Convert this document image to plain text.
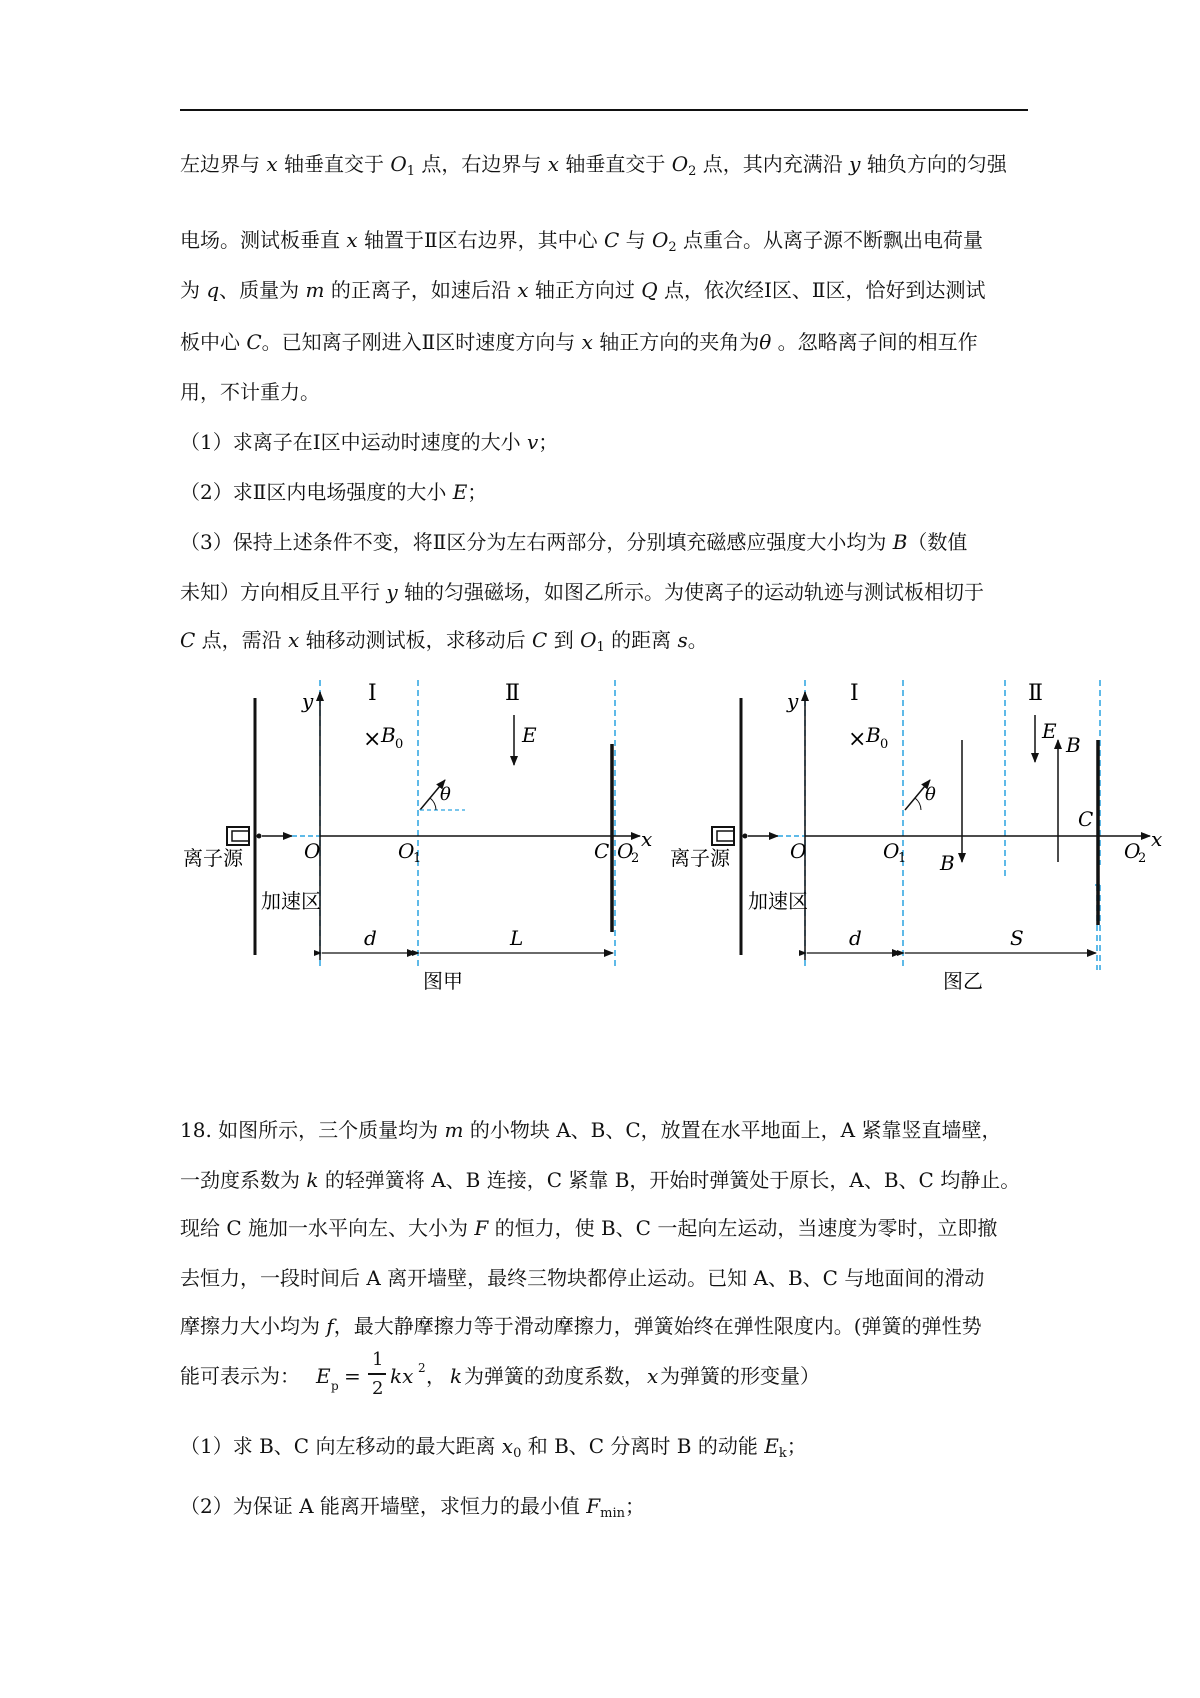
左边界与 x 轴垂直交于 $O_1$ 点，右边界与 x 轴垂直交于 $O_2$ 点，其内充满沿 y 轴负方向的匀强
电场。测试板垂直 x 轴置于Ⅱ区右边界，其中心 C 与 $O_2$ 点重合。从离子源不断飘出电荷量
为 q、质量为 m 的正离子，如速后沿 x 轴正方向过 Q 点，依次经Ⅰ区、Ⅱ区，恰好到达测试
板中心 C。已知离子刚进入Ⅱ区时速度方向与 x 轴正方向的夹角为θ 。忽略离子间的相互作
用，不计重力。
（1）求离子在Ⅰ区中运动时速度的大小 v；
（2）求Ⅱ区内电场强度的大小 E；
（3）保持上述条件不变，将Ⅱ区分为左右两部分，分别填充磁感应强度大小均为 B（数值
未知）方向相反且平行 y 轴的匀强磁场，如图乙所示。为使离子的运动轨迹与测试板相切于
C 点，需沿 x 轴移动测试板，求移动后 C 到 $O_1$ 的距离 s。
Ⅰ	Ⅱ
y
x
× B 0	E
θ
O	O
1	C O
2
离子源
加速区
d	L
图甲
Ⅰ	Ⅱ
y
x
× B 0
E
B
B
θ
O	O
1
C
O
2
离子源
加速区
d	S
图乙
18. 如图所示，三个质量均为 m 的小物块 A、B、C，放置在水平地面上，A 紧靠竖直墙壁，
一劲度系数为 k 的轻弹簧将 A、B 连接，C 紧靠 B，开始时弹簧处于原长，A、B、C 均静止。
现给 C 施加一水平向左、大小为 F 的恒力，使 B、C 一起向左运动，当速度为零时，立即撤
去恒力，一段时间后 A 离开墙壁，最终三物块都停止运动。已知 A、B、C 与地面间的滑动
摩擦力大小均为 f，最大静摩擦力等于滑动摩擦力，弹簧始终在弹性限度内。(弹簧的弹性势
能可表示为： E p =
1
2
kx 2 ， k 为弹簧的劲度系数， x 为弹簧的形变量）
（1）求 B、C 向左移动的最大距离 $x_0$ 和 B、C 分离时 B 的动能 $E_k$；
（2）为保证 A 能离开墙壁，求恒力的最小值 $F_{min}$；
